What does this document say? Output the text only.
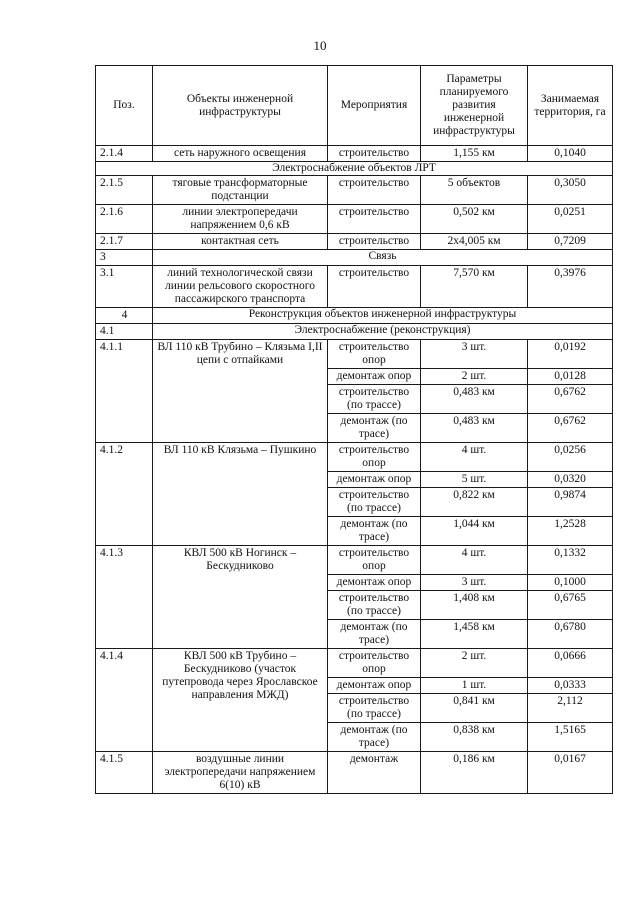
10
Поз.	Объекты инженерной инфраструктуры	Мероприятия	Параметры планируемого развития инженерной инфраструктуры	Занимаемая территория, га
2.1.4	сеть наружного освещения	строительство	1,155 км	0,1040
Электроснабжение объектов ЛРТ				
2.1.5	тяговые трансформаторные подстанции	строительство	5 объектов	0,3050
2.1.6	линии электропередачи напряжением 0,6 кВ	строительство	0,502 км	0,0251
2.1.7	контактная сеть	строительство	2x4,005 км	0,7209
3	Связь			
3.1	линий технологической связи линии рельсового скоростного пассажирского транспорта	строительство	7,570 км	0,3976
4	Реконструкция объектов инженерной инфраструктуры			
4.1	Электроснабжение (реконструкция)			
4.1.1	ВЛ 110 кВ Трубино – Клязьма I,II цепи с отпайками	строительство опор	3 шт.	0,0192
		демонтаж опор	2 шт.	0,0128
		строительство (по трассе)	0,483 км	0,6762
		демонтаж (по трасе)	0,483 км	0,6762
4.1.2	ВЛ 110 кВ Клязьма – Пушкино	строительство опор	4 шт.	0,0256
		демонтаж опор	5 шт.	0,0320
		строительство (по трассе)	0,822 км	0,9874
		демонтаж (по трасе)	1,044 км	1,2528
4.1.3	КВЛ 500 кВ Ногинск – Бескудниково	строительство опор	4 шт.	0,1332
		демонтаж опор	3 шт.	0,1000
		строительство (по трассе)	1,408 км	0,6765
		демонтаж (по трасе)	1,458 км	0,6780
4.1.4	КВЛ 500 кВ Трубино – Бескудниково (участок путепровода через Ярославское направления МЖД)	строительство опор	2 шт.	0,0666
		демонтаж опор	1 шт.	0,0333
		строительство (по трассе)	0,841 км	2,112
		демонтаж (по трасе)	0,838 км	1,5165
4.1.5	воздушные линии электропередачи напряжением 6(10) кВ	демонтаж	0,186 км	0,0167
